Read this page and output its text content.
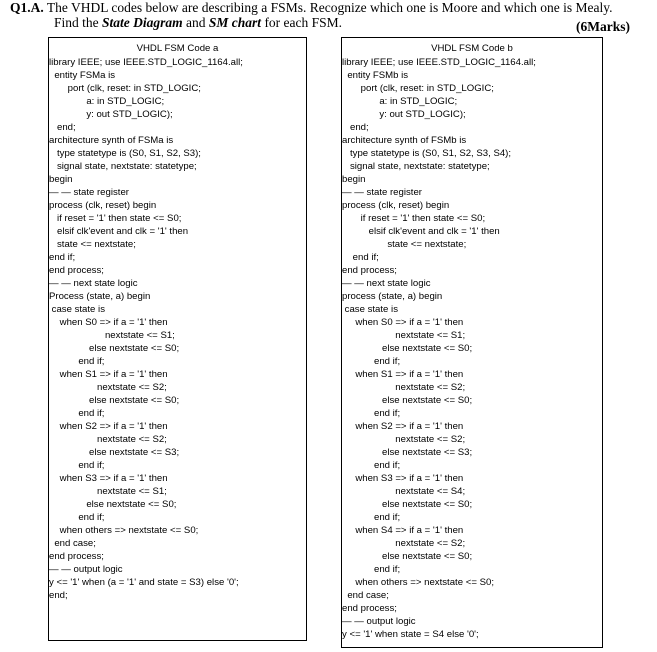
Q1.A. The VHDL codes below are describing a FSMs. Recognize which one is Moore and which one is Mealy.
Find the State Diagram and SM chart for each FSM.	(6Marks)
VHDL FSM Code a
library IEEE; use IEEE.STD_LOGIC_1164.all;
entity FSMa is
port (clk, reset: in STD_LOGIC;
a: in STD_LOGIC;
y: out STD_LOGIC);
end;
architecture synth of FSMa is
type statetype is (S0, S1, S2, S3);
signal state, nextstate: statetype;
begin
— — state register
process (clk, reset) begin
if reset = '1' then state <= S0;
elsif clk'event and clk = '1' then
state <= nextstate;
end if;
end process;
— — next state logic
Process (state, a) begin
case state is
when S0 => if a = '1' then
nextstate <= S1;
else nextstate <= S0;
end if;
when S1 => if a = '1' then
nextstate <= S2;
else nextstate <= S0;
end if;
when S2 => if a = '1' then
nextstate <= S2;
else nextstate <= S3;
end if;
when S3 => if a = '1' then
nextstate <= S1;
else nextstate <= S0;
end if;
when others => nextstate <= S0;
end case;
end process;
— — output logic
y <= '1' when (a = '1' and state = S3) else '0';
end;
VHDL FSM Code b
library IEEE; use IEEE.STD_LOGIC_1164.all;
entity FSMb is
port (clk, reset: in STD_LOGIC;
a: in STD_LOGIC;
y: out STD_LOGIC);
end;
architecture synth of FSMb is
type statetype is (S0, S1, S2, S3, S4);
signal state, nextstate: statetype;
begin
— — state register
process (clk, reset) begin
if reset = '1' then state <= S0;
elsif clk'event and clk = '1' then
state <= nextstate;
end if;
end process;
— — next state logic
process (state, a) begin
case state is
when S0 => if a = '1' then
nextstate <= S1;
else nextstate <= S0;
end if;
when S1 => if a = '1' then
nextstate <= S2;
else nextstate <= S0;
end if;
when S2 => if a = '1' then
nextstate <= S2;
else nextstate <= S3;
end if;
when S3 => if a = '1' then
nextstate <= S4;
else nextstate <= S0;
end if;
when S4 => if a = '1' then
nextstate <= S2;
else nextstate <= S0;
end if;
when others => nextstate <= S0;
end case;
end process;
— — output logic
y <= '1' when state = S4 else '0';
